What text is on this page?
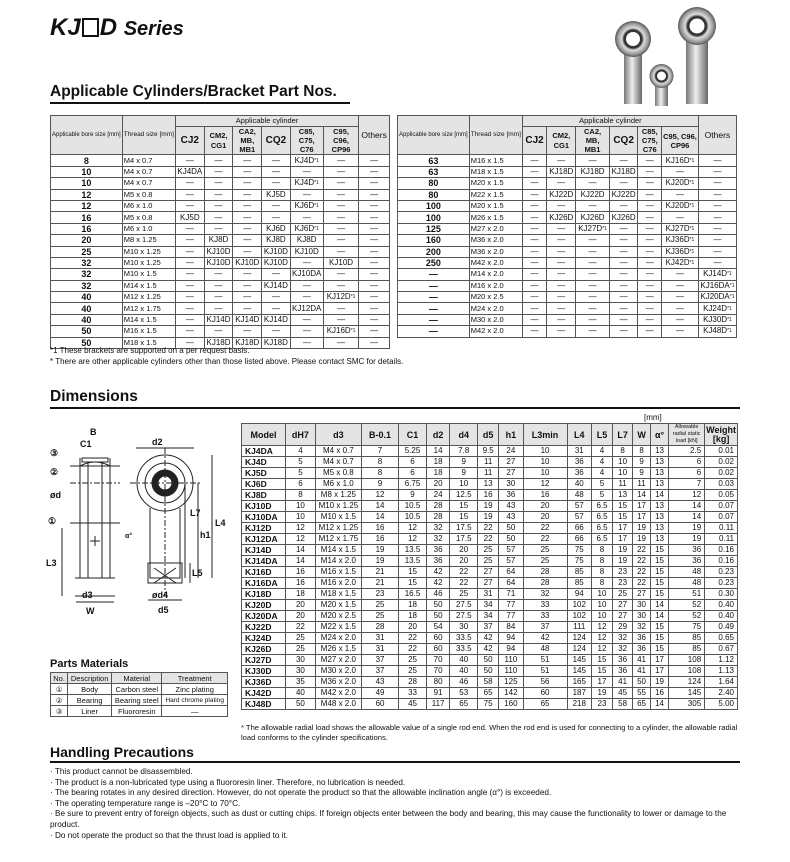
KJ D Series
Applicable Cylinders/Bracket Part Nos.
Applicable bore size [mm]	Thread size [mm]	Applicable cylinder						Others
		CJ2	CM2, CG1	CA2, MB, MB1	CQ2	C85, C75, C76	C95, C96, CP96	
8	M4 x 0.7	—	—	—	—	$KJ4D^{*1}$	—	—
10	M4 x 0.7	KJ4DA	—	—	—	—	—	—
10	M4 x 0.7	—	—	—	—	$KJ4D^{*1}$	—	—
12	M5 x 0.8	—	—	—	KJ5D	—	—	—
12	M6 x 1.0	—	—	—	—	$KJ6D^{*1}$	—	—
16	M5 x 0.8	KJ5D	—	—	—	—	—	—
16	M6 x 1.0	—	—	—	KJ6D	$KJ6D^{*1}$	—	—
20	M8 x 1.25	—	KJ8D	—	KJ8D	KJ8D	—	—
25	M10 x 1.25	—	KJ10D	—	KJ10D	KJ10D	—	—
32	M10 x 1.25	—	KJ10D	KJ10D	KJ10D	—	KJ10D	—
32	M10 x 1.5	—	—	—	—	KJ10DA	—	—
32	M14 x 1.5	—	—	—	KJ14D	—	—	—
40	M12 x 1.25	—	—	—	—	—	$KJ12D^{*1}$	—
40	M12 x 1.75	—	—	—	—	KJ12DA	—	—
40	M14 x 1.5	—	KJ14D	KJ14D	KJ14D	—	—	—
50	M16 x 1.5	—	—	—	—	—	$KJ16D^{*1}$	—
50	M18 x 1.5	—	KJ18D	KJ18D	KJ18D	—	—	—
Applicable bore size [mm]	Thread size [mm]	Applicable cylinder						Others
		CJ2	CM2, CG1	CA2, MB, MB1	CQ2	C85, C75, C76	C95, C96, CP96	
63	M16 x 1.5	—	—	—	—	—	$KJ16D^{*1}$	—
63	M18 x 1.5	—	KJ18D	KJ18D	KJ18D	—	—	—
80	M20 x 1.5	—	—	—	—	—	$KJ20D^{*1}$	—
80	M22 x 1.5	—	KJ22D	KJ22D	KJ22D	—	—	—
100	M20 x 1.5	—	—	—	—	—	$KJ20D^{*1}$	—
100	M26 x 1.5	—	KJ26D	KJ26D	KJ26D	—	—	—
125	M27 x 2.0	—	—	$KJ27D^{*1}$	—	—	$KJ27D^{*1}$	—
160	M36 x 2.0	—	—	—	—	—	$KJ36D^{*1}$	—
200	M36 x 2.0	—	—	—	—	—	$KJ36D^{*1}$	—
250	M42 x 2.0	—	—	—	—	—	$KJ42D^{*1}$	—
—	M14 x 2.0	—	—	—	—	—	—	$KJ14D^{*1}$
—	M16 x 2.0	—	—	—	—	—	—	KJ16DA$^{*1}$
—	M20 x 2.5	—	—	—	—	—	—	KJ20DA$^{*1}$
—	M24 x 2.0	—	—	—	—	—	—	$KJ24D^{*1}$
—	M30 x 2.0	—	—	—	—	—	—	$KJ30D^{*1}$
—	M42 x 2.0	—	—	—	—	—	—	$KJ48D^{*1}$
*1 These brackets are supported on a per request basis.
* There are other applicable cylinders other than those listed above. Please contact SMC for details.
Dimensions
B
C1	d2
ød
L7
L4
h1
L3
L5
d3
W
ød4
d5
α°
①
②
③
[mm]
Model	dH7	d3	B-0.1	C1	d2	d4	d5	h1	L3min	L4	L5	L7	W	α°	Allowable radial static load [kN]	Weight [kg]
KJ4DA	4	M4 x 0.7	7	5.25	14	7.8	9.5	24	10	31	4	8	8	13	2.5	0.01
KJ4D	5	M4 x 0.7	8	6	18	9	11	27	10	36	4	10	9	13	6	0.02
KJ5D	5	M5 x 0.8	8	6	18	9	11	27	10	36	4	10	9	13	6	0.02
KJ6D	6	M6 x 1.0	9	6.75	20	10	13	30	12	40	5	11	11	13	7	0.03
KJ8D	8	M8 x 1.25	12	9	24	12.5	16	36	16	48	5	13	14	14	12	0.05
KJ10D	10	M10 x 1.25	14	10.5	28	15	19	43	20	57	6.5	15	17	13	14	0.07
KJ10DA	10	M10 x 1.5	14	10.5	28	15	19	43	20	57	6.5	15	17	13	14	0.07
KJ12D	12	M12 x 1.25	16	12	32	17.5	22	50	22	66	6.5	17	19	13	19	0.11
KJ12DA	12	M12 x 1.75	16	12	32	17.5	22	50	22	66	6.5	17	19	13	19	0.11
KJ14D	14	M14 x 1.5	19	13.5	36	20	25	57	25	75	8	19	22	15	36	0.16
KJ14DA	14	M14 x 2.0	19	13.5	36	20	25	57	25	75	8	19	22	15	36	0.16
KJ16D	16	M16 x 1.5	21	15	42	22	27	64	28	85	8	23	22	15	48	0.23
KJ16DA	16	M16 x 2.0	21	15	42	22	27	64	28	85	8	23	22	15	48	0.23
KJ18D	18	M18 x 1.5	23	16.5	46	25	31	71	32	94	10	25	27	15	51	0.30
KJ20D	20	M20 x 1.5	25	18	50	27.5	34	77	33	102	10	27	30	14	52	0.40
KJ20DA	20	M20 x 2.5	25	18	50	27.5	34	77	33	102	10	27	30	14	52	0.40
KJ22D	22	M22 x 1.5	28	20	54	30	37	84	37	111	12	29	32	15	75	0.49
KJ24D	25	M24 x 2.0	31	22	60	33.5	42	94	42	124	12	32	36	15	85	0.65
KJ26D	25	M26 x 1.5	31	22	60	33.5	42	94	48	124	12	32	36	15	85	0.67
KJ27D	30	M27 x 2.0	37	25	70	40	50	110	51	145	15	36	41	17	108	1.12
KJ30D	30	M30 x 2.0	37	25	70	40	50	110	51	145	15	36	41	17	108	1.13
KJ36D	35	M36 x 2.0	43	28	80	46	58	125	56	165	17	41	50	19	124	1.64
KJ42D	40	M42 x 2.0	49	33	91	53	65	142	60	187	19	45	55	16	145	2.40
KJ48D	50	M48 x 2.0	60	45	117	65	75	160	65	218	23	58	65	14	305	5.00
* The allowable radial load shows the allowable value of a single rod end. When the rod end is used for connecting to a cylinder, the allowable radial load conforms to the cylinder specifications.
Parts Materials
No.	Description	Material	Treatment
①	Body	Carbon steel	Zinc plating
②	Bearing	Bearing steel	Hard chrome plating
③	Liner	Fluororesin	—
Handling Precautions
· This product cannot be disassembled.
· The product is a non-lubricated type using a fluororesin liner. Therefore, no lubrication is needed.
· The bearing rotates in any desired direction. However, do not operate the product so that the allowable inclination angle (α°) is exceeded.
· The operating temperature range is –20°C to 70°C.
· Be sure to prevent entry of foreign objects, such as dust or cutting chips. If foreign objects enter between the body and bearing, this may cause the functionality to lower or damage to the product.
· Do not operate the product so that the thrust load is applied to it.
